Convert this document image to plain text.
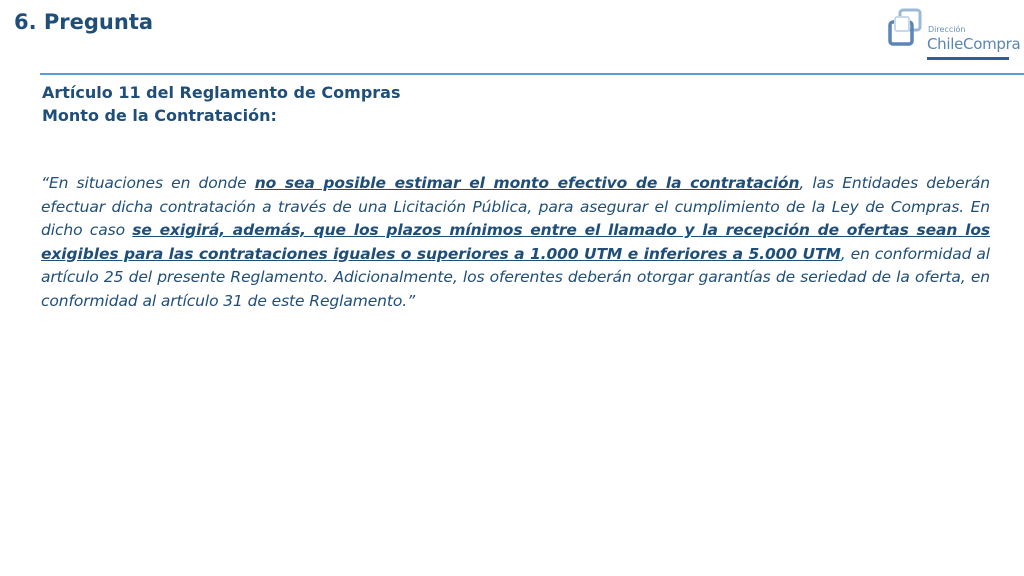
6. Pregunta	Dirección
ChileCompra
Artículo 11 del Reglamento de Compras
Monto de la Contratación:

“En situaciones en donde no sea posible estimar el monto efectivo de la contratación, las Entidades deberán efectuar dicha contratación a través de una Licitación Pública, para asegurar el cumplimiento de la Ley de Compras. En dicho caso se exigirá, además, que los plazos mínimos entre el llamado y la recepción de ofertas sean los exigibles para las contrataciones iguales o superiores a 1.000 UTM e inferiores a 5.000 UTM, en conformidad al artículo 25 del presente Reglamento. Adicionalmente, los oferentes deberán otorgar garantías de seriedad de la oferta, en conformidad al artículo 31 de este Reglamento.”
